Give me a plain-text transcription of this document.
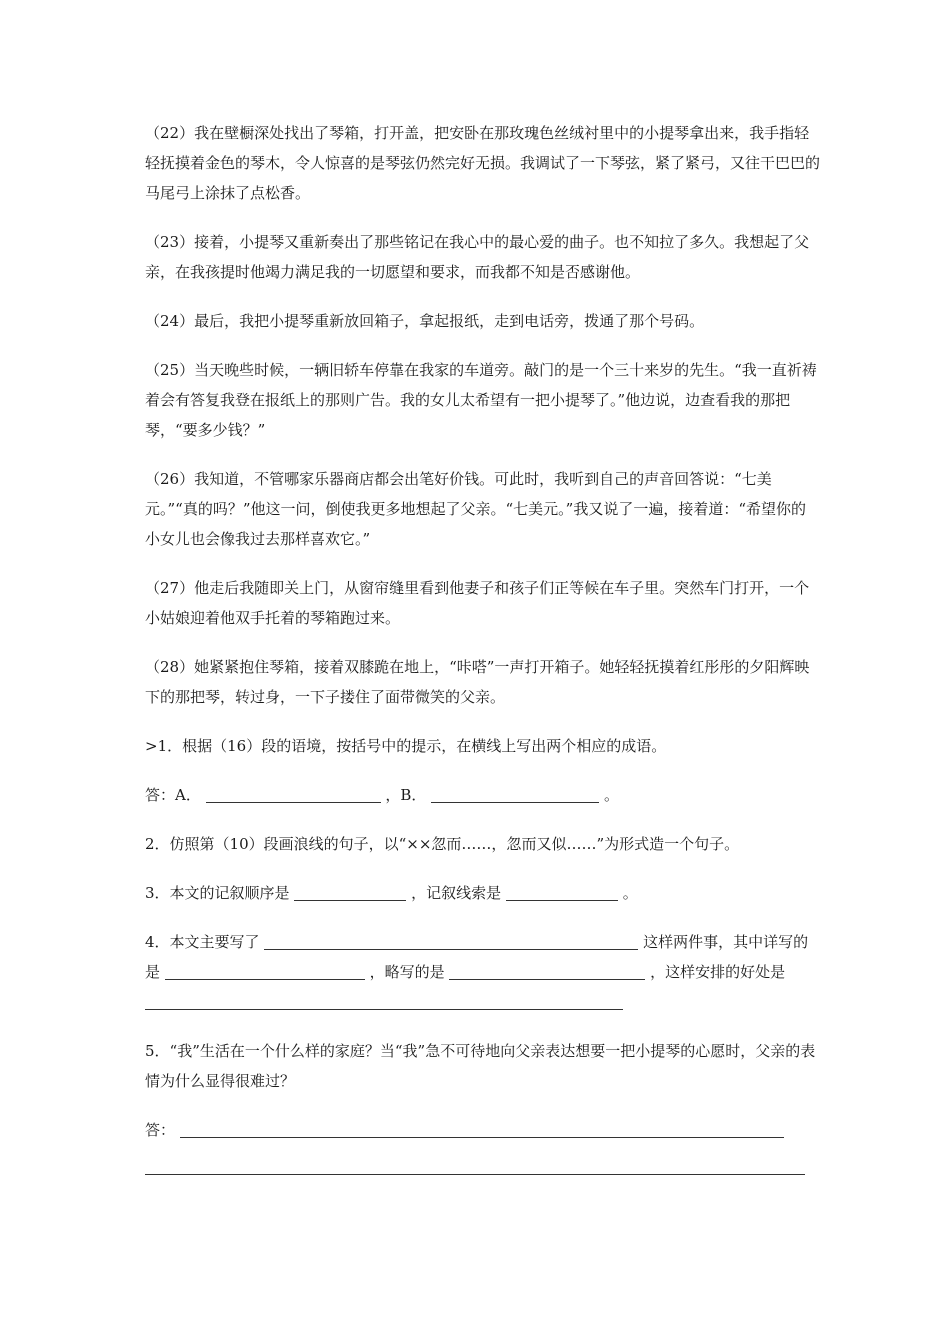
（22）我在壁橱深处找出了琴箱，打开盖，把安卧在那玫瑰色丝绒衬里中的小提琴拿出来，我手指轻轻抚摸着金色的琴木，令人惊喜的是琴弦仍然完好无损。我调试了一下琴弦，紧了紧弓，又往干巴巴的马尾弓上涂抹了点松香。

（23）接着，小提琴又重新奏出了那些铭记在我心中的最心爱的曲子。也不知拉了多久。我想起了父亲，在我孩提时他竭力满足我的一切愿望和要求，而我都不知是否感谢他。

（24）最后，我把小提琴重新放回箱子，拿起报纸，走到电话旁，拨通了那个号码。

（25）当天晚些时候，一辆旧轿车停靠在我家的车道旁。敲门的是一个三十来岁的先生。“我一直祈祷着会有答复我登在报纸上的那则广告。我的女儿太希望有一把小提琴了。”他边说，边查看我的那把琴，“要多少钱？”

（26）我知道，不管哪家乐器商店都会出笔好价钱。可此时，我听到自己的声音回答说：“七美元。”“真的吗？”他这一问，倒使我更多地想起了父亲。“七美元。”我又说了一遍，接着道：“希望你的小女儿也会像我过去那样喜欢它。”

（27）他走后我随即关上门，从窗帘缝里看到他妻子和孩子们正等候在车子里。突然车门打开，一个小姑娘迎着他双手托着的琴箱跑过来。

（28）她紧紧抱住琴箱，接着双膝跪在地上，“咔嗒”一声打开箱子。她轻轻抚摸着红彤彤的夕阳辉映下的那把琴，转过身，一下子搂住了面带微笑的父亲。

>1．根据（16）段的语境，按括号中的提示，在横线上写出两个相应的成语。

答：A．	，B．	。

2．仿照第（10）段画浪线的句子，以“××忽而……，忽而又似……”为形式造一个句子。

3．本文的记叙顺序是	，记叙线索是	。

4．本文主要写了	这样两件事，其中详写的是	，略写的是	，这样安排的好处是

5．“我”生活在一个什么样的家庭？当“我”急不可待地向父亲表达想要一把小提琴的心愿时，父亲的表情为什么显得很难过？

答：
